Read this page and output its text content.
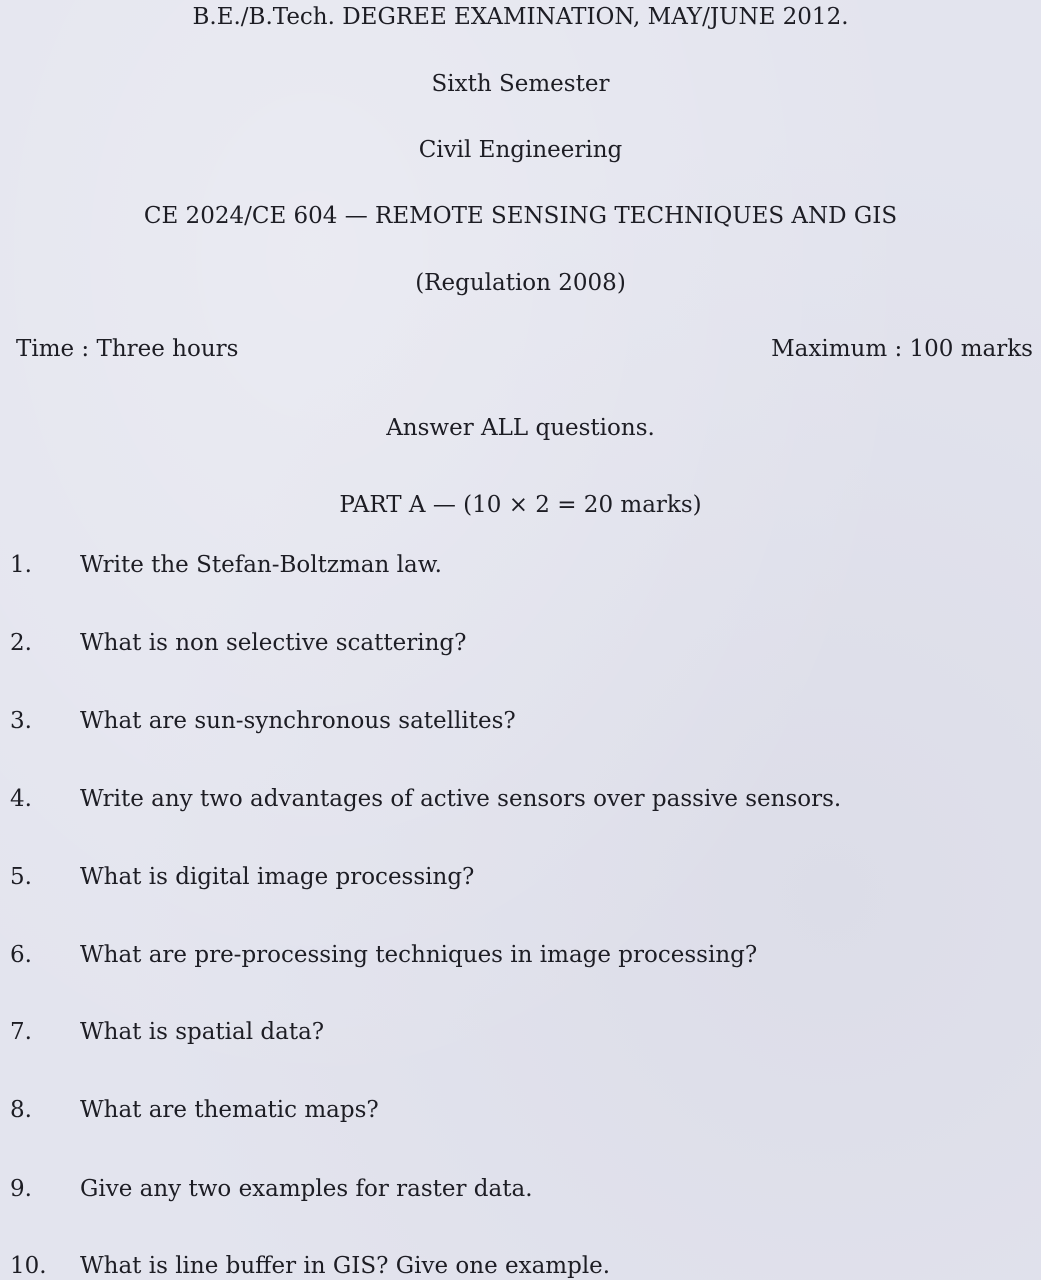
B.E./B.Tech. DEGREE EXAMINATION, MAY/JUNE 2012.
Sixth Semester
Civil Engineering
CE 2024/CE 604 — REMOTE SENSING TECHNIQUES AND GIS
(Regulation 2008)
Time : Three hours	Maximum : 100 marks
Answer ALL questions.
PART A — (10 × 2 = 20 marks)
1. Write the Stefan-Boltzman law.
2. What is non selective scattering?
3. What are sun-synchronous satellites?
4. Write any two advantages of active sensors over passive sensors.
5. What is digital image processing?
6. What are pre-processing techniques in image processing?
7. What is spatial data?
8. What are thematic maps?
9. Give any two examples for raster data.
10. What is line buffer in GIS? Give one example.
